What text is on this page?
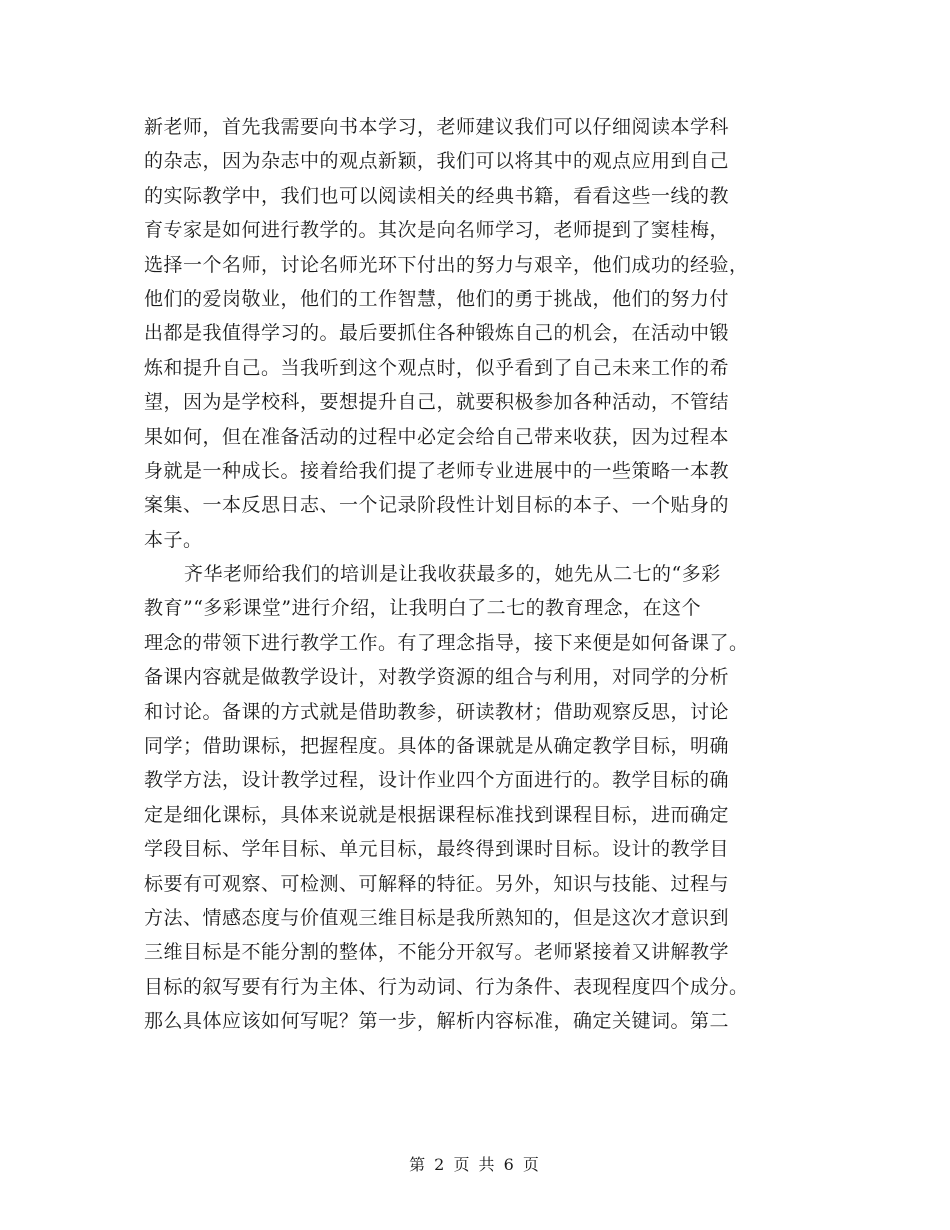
新老师，首先我需要向书本学习，老师建议我们可以仔细阅读本学科
的杂志，因为杂志中的观点新颖，我们可以将其中的观点应用到自己
的实际教学中，我们也可以阅读相关的经典书籍，看看这些一线的教
育专家是如何进行教学的。其次是向名师学习，老师提到了窦桂梅，
选择一个名师，讨论名师光环下付出的努力与艰辛，他们成功的经验，
他们的爱岗敬业，他们的工作智慧，他们的勇于挑战，他们的努力付
出都是我值得学习的。最后要抓住各种锻炼自己的机会，在活动中锻
炼和提升自己。当我听到这个观点时，似乎看到了自己未来工作的希
望，因为是学校科，要想提升自己，就要积极参加各种活动，不管结
果如何，但在准备活动的过程中必定会给自己带来收获，因为过程本
身就是一种成长。接着给我们提了老师专业进展中的一些策略一本教
案集、一本反思日志、一个记录阶段性计划目标的本子、一个贴身的
本子。
齐华老师给我们的培训是让我收获最多的，她先从二七的“多彩
教育”“多彩课堂”进行介绍，让我明白了二七的教育理念，在这个
理念的带领下进行教学工作。有了理念指导，接下来便是如何备课了。
备课内容就是做教学设计，对教学资源的组合与利用，对同学的分析
和讨论。备课的方式就是借助教参，研读教材；借助观察反思，讨论
同学；借助课标，把握程度。具体的备课就是从确定教学目标，明确
教学方法，设计教学过程，设计作业四个方面进行的。教学目标的确
定是细化课标，具体来说就是根据课程标准找到课程目标，进而确定
学段目标、学年目标、单元目标，最终得到课时目标。设计的教学目
标要有可观察、可检测、可解释的特征。另外，知识与技能、过程与
方法、情感态度与价值观三维目标是我所熟知的，但是这次才意识到
三维目标是不能分割的整体，不能分开叙写。老师紧接着又讲解教学
目标的叙写要有行为主体、行为动词、行为条件、表现程度四个成分。
那么具体应该如何写呢？第一步，解析内容标准，确定关键词。第二
第 2 页 共 6 页
